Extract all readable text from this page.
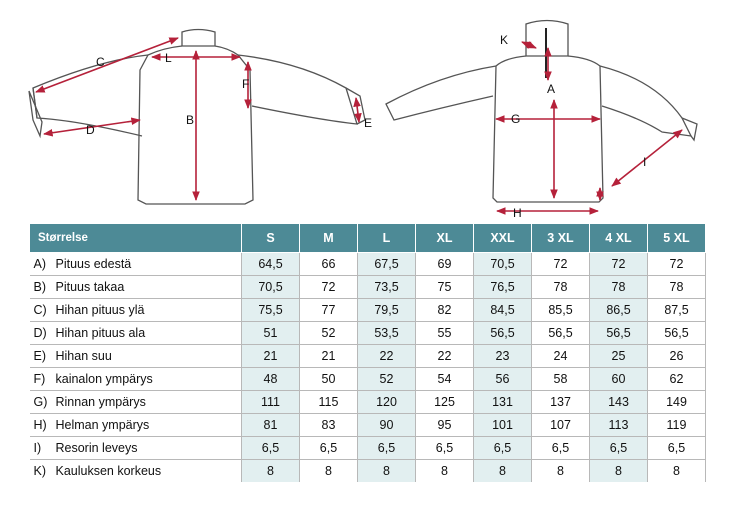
C	L
F
B
D	E
K
A
G
I
H
Størrelse	S	M	L	XL	XXL	3 XL	4 XL	5 XL
A) Pituus edestä	64,5	66	67,5	69	70,5	72	72	72
B) Pituus takaa	70,5	72	73,5	75	76,5	78	78	78
C) Hihan pituus ylä	75,5	77	79,5	82	84,5	85,5	86,5	87,5
D) Hihan pituus ala	51	52	53,5	55	56,5	56,5	56,5	56,5
E) Hihan suu	21	21	22	22	23	24	25	26
F) kainalon ympärys	48	50	52	54	56	58	60	62
G) Rinnan ympärys	111	115	120	125	131	137	143	149
H) Helman ympärys	81	83	90	95	101	107	113	119
I) Resorin leveys	6,5	6,5	6,5	6,5	6,5	6,5	6,5	6,5
K) Kauluksen korkeus	8	8	8	8	8	8	8	8
